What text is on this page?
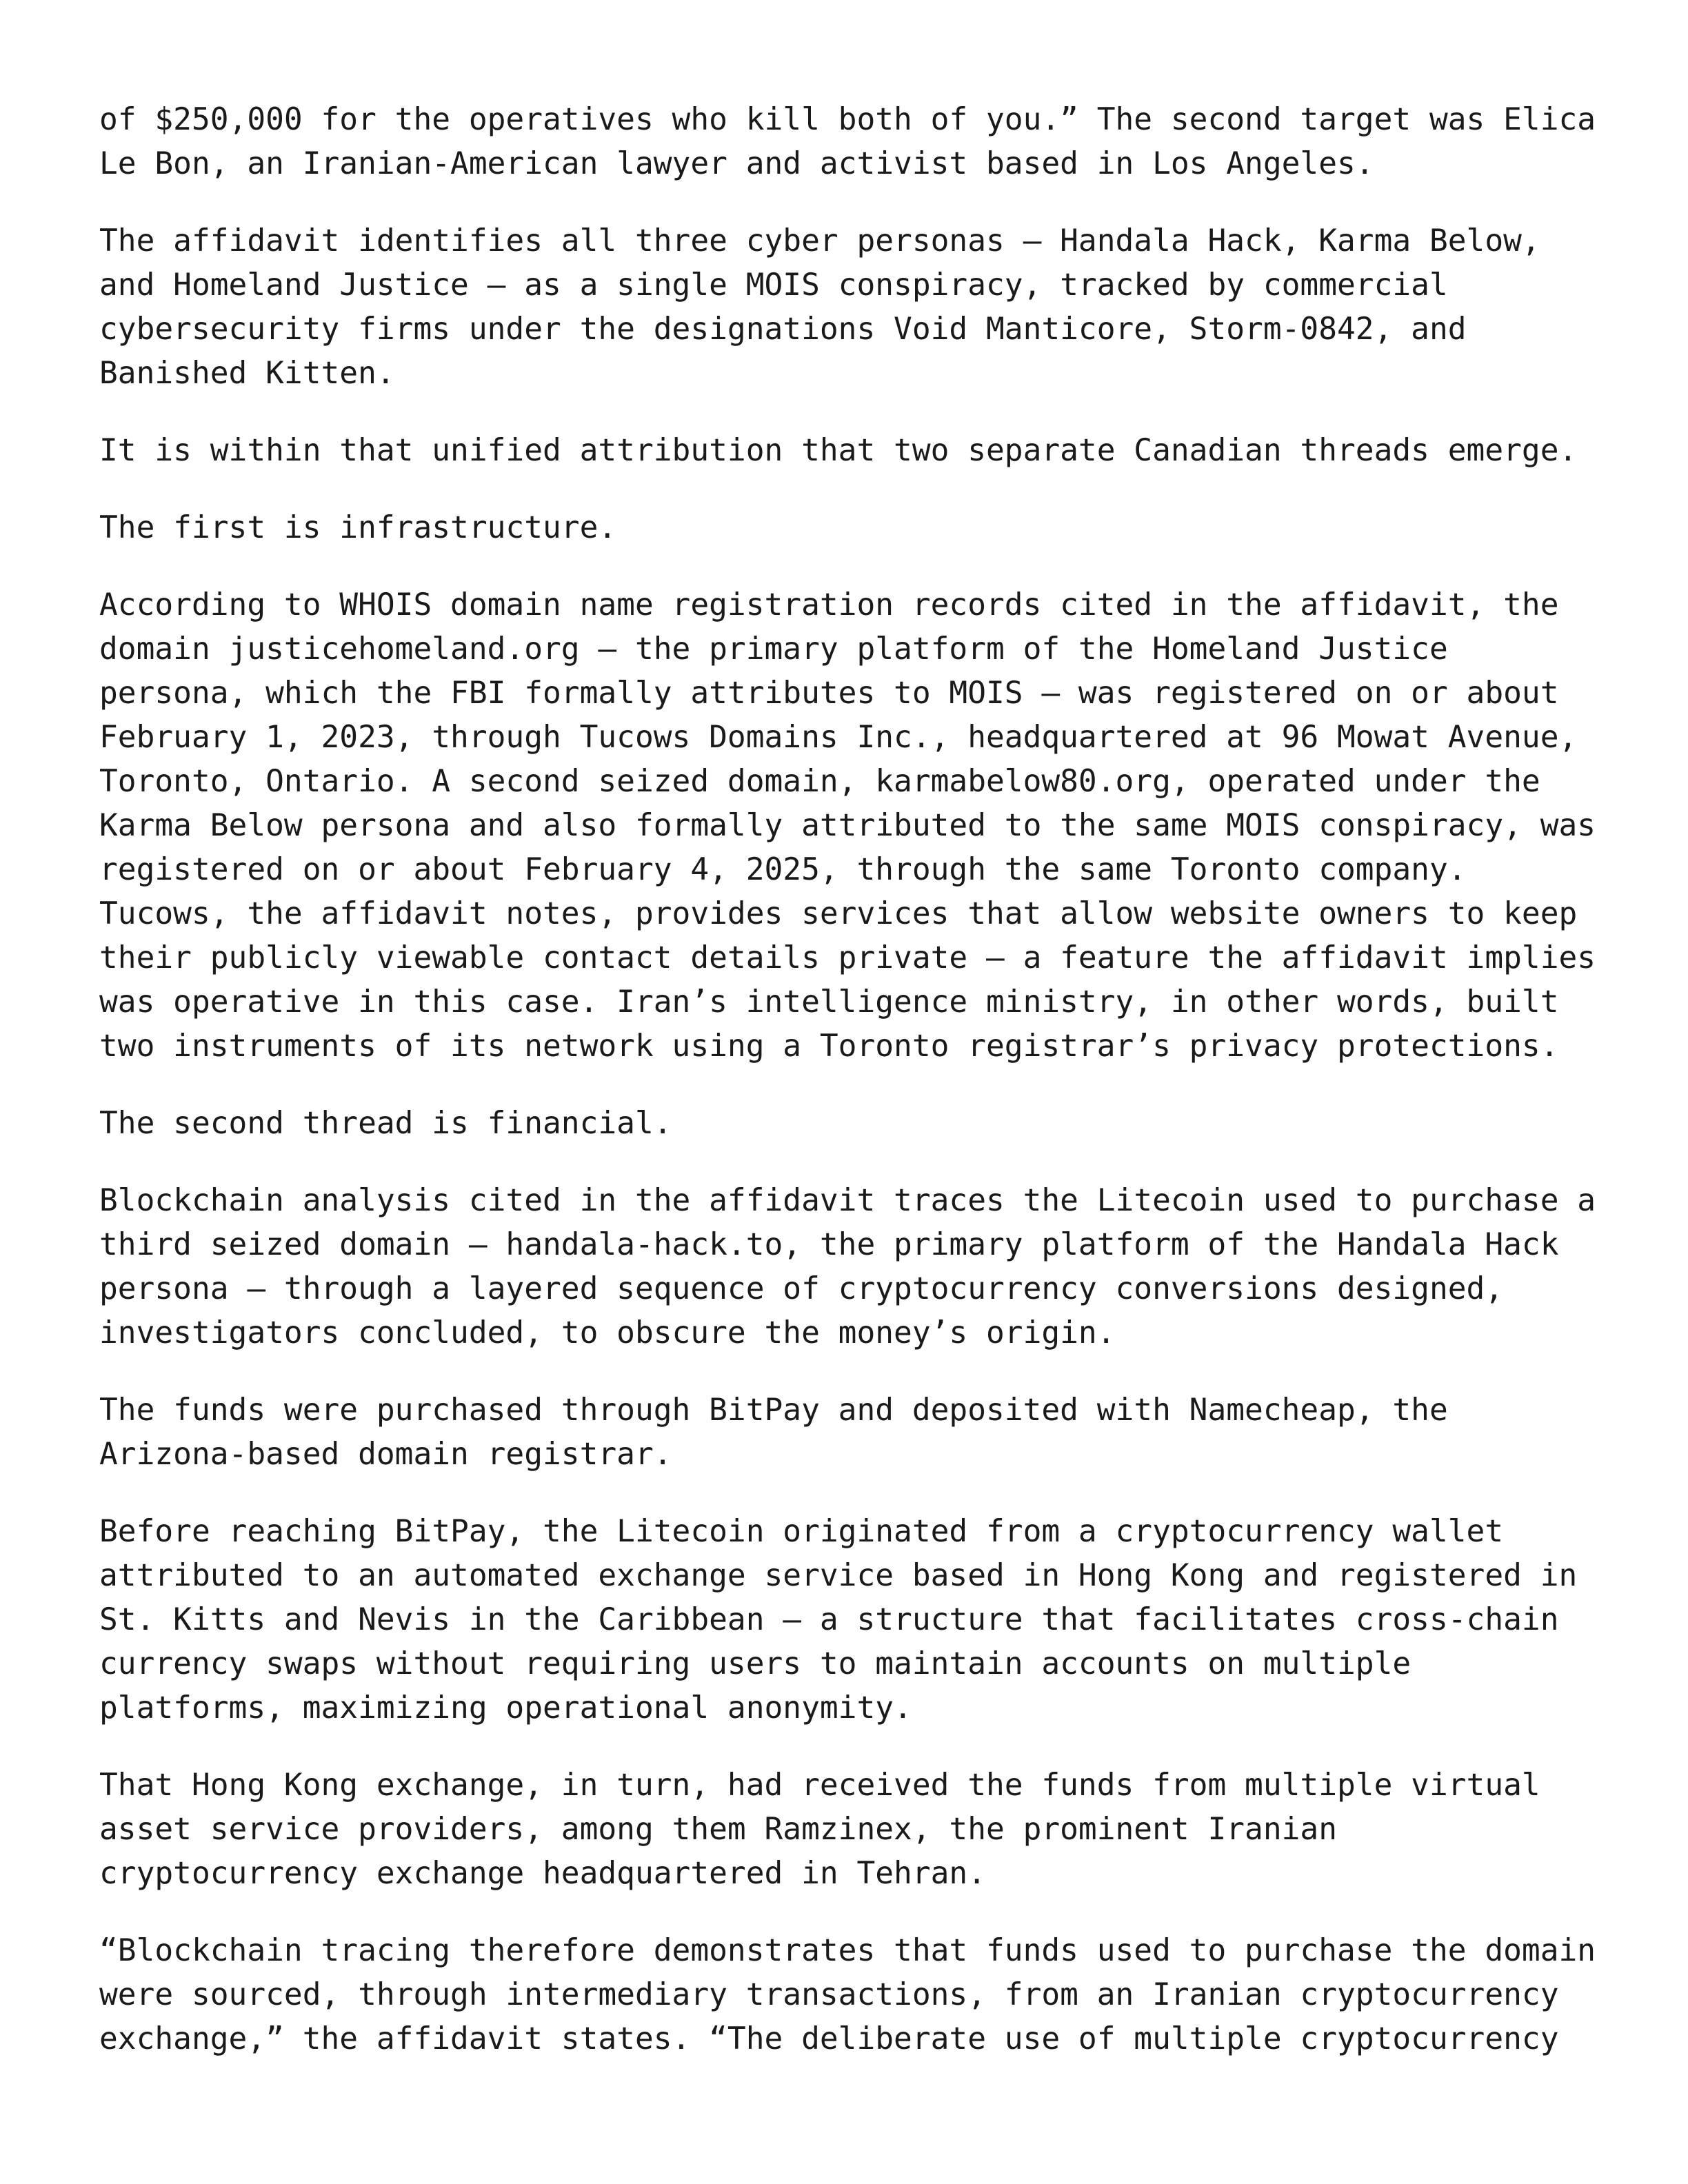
of $250,000 for the operatives who kill both of you.” The second target was Elica
Le Bon, an Iranian-American lawyer and activist based in Los Angeles.

The affidavit identifies all three cyber personas — Handala Hack, Karma Below,
and Homeland Justice — as a single MOIS conspiracy, tracked by commercial
cybersecurity firms under the designations Void Manticore, Storm-0842, and
Banished Kitten.

It is within that unified attribution that two separate Canadian threads emerge.

The first is infrastructure.

According to WHOIS domain name registration records cited in the affidavit, the
domain justicehomeland.org — the primary platform of the Homeland Justice
persona, which the FBI formally attributes to MOIS — was registered on or about
February 1, 2023, through Tucows Domains Inc., headquartered at 96 Mowat Avenue,
Toronto, Ontario. A second seized domain, karmabelow80.org, operated under the
Karma Below persona and also formally attributed to the same MOIS conspiracy, was
registered on or about February 4, 2025, through the same Toronto company.
Tucows, the affidavit notes, provides services that allow website owners to keep
their publicly viewable contact details private — a feature the affidavit implies
was operative in this case. Iran’s intelligence ministry, in other words, built
two instruments of its network using a Toronto registrar’s privacy protections.

The second thread is financial.

Blockchain analysis cited in the affidavit traces the Litecoin used to purchase a
third seized domain — handala-hack.to, the primary platform of the Handala Hack
persona — through a layered sequence of cryptocurrency conversions designed,
investigators concluded, to obscure the money’s origin.

The funds were purchased through BitPay and deposited with Namecheap, the
Arizona-based domain registrar.

Before reaching BitPay, the Litecoin originated from a cryptocurrency wallet
attributed to an automated exchange service based in Hong Kong and registered in
St. Kitts and Nevis in the Caribbean — a structure that facilitates cross-chain
currency swaps without requiring users to maintain accounts on multiple
platforms, maximizing operational anonymity.

That Hong Kong exchange, in turn, had received the funds from multiple virtual
asset service providers, among them Ramzinex, the prominent Iranian
cryptocurrency exchange headquartered in Tehran.

“Blockchain tracing therefore demonstrates that funds used to purchase the domain
were sourced, through intermediary transactions, from an Iranian cryptocurrency
exchange,” the affidavit states. “The deliberate use of multiple cryptocurrency
